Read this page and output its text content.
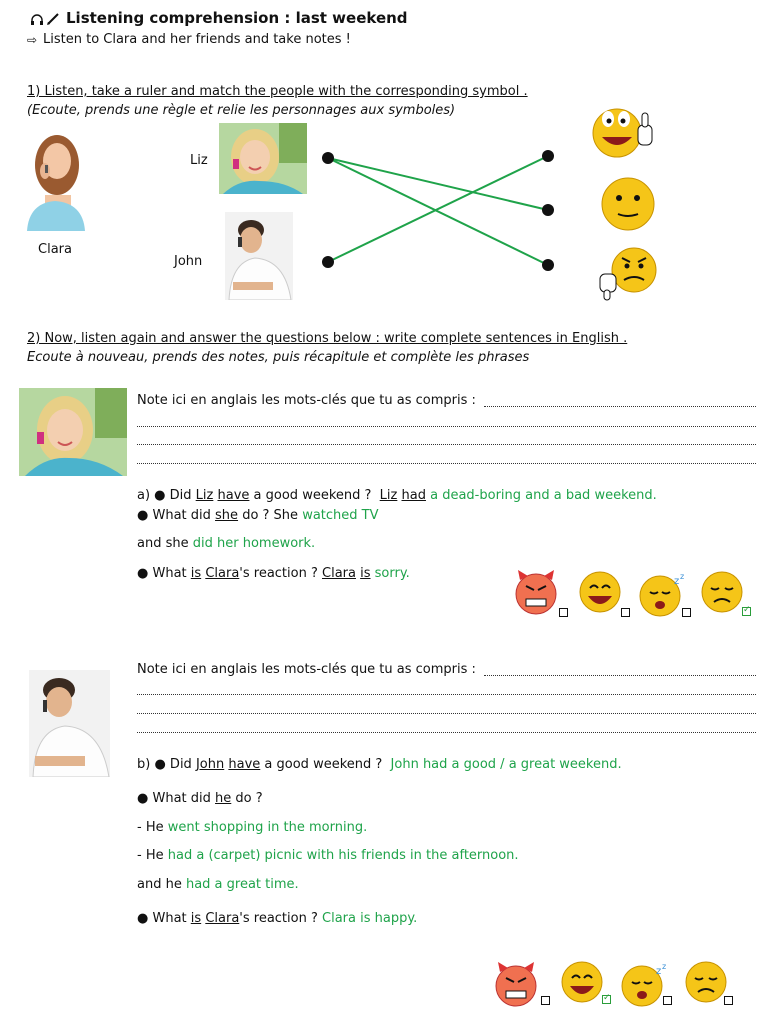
Listening comprehension : last weekend
⇨ Listen to Clara and her friends and take notes !
1) Listen, take a ruler and match the people with the corresponding symbol .
(Ecoute, prends une règle et relie les personnages aux symboles)
Clara
Liz
John
2) Now, listen again and answer the questions below : write complete sentences in English .
Ecoute à nouveau, prends des notes, puis récapitule et complète les phrases
Note ici en anglais les mots-clés que tu as compris :
a) ● Did Liz have a good weekend ? Liz had a dead-boring and a bad weekend.
● What did she do ? She watched TV
and she did her homework.
● What is Clara's reaction ? Clara is sorry.
z z
✓
Note ici en anglais les mots-clés que tu as compris :
b) ● Did John have a good weekend ? John had a good / a great weekend.
● What did he do ?
- He went shopping in the morning.
- He had a (carpet) picnic with his friends in the afternoon.
and he had a great time.
● What is Clara's reaction ? Clara is happy.
✓
z z
